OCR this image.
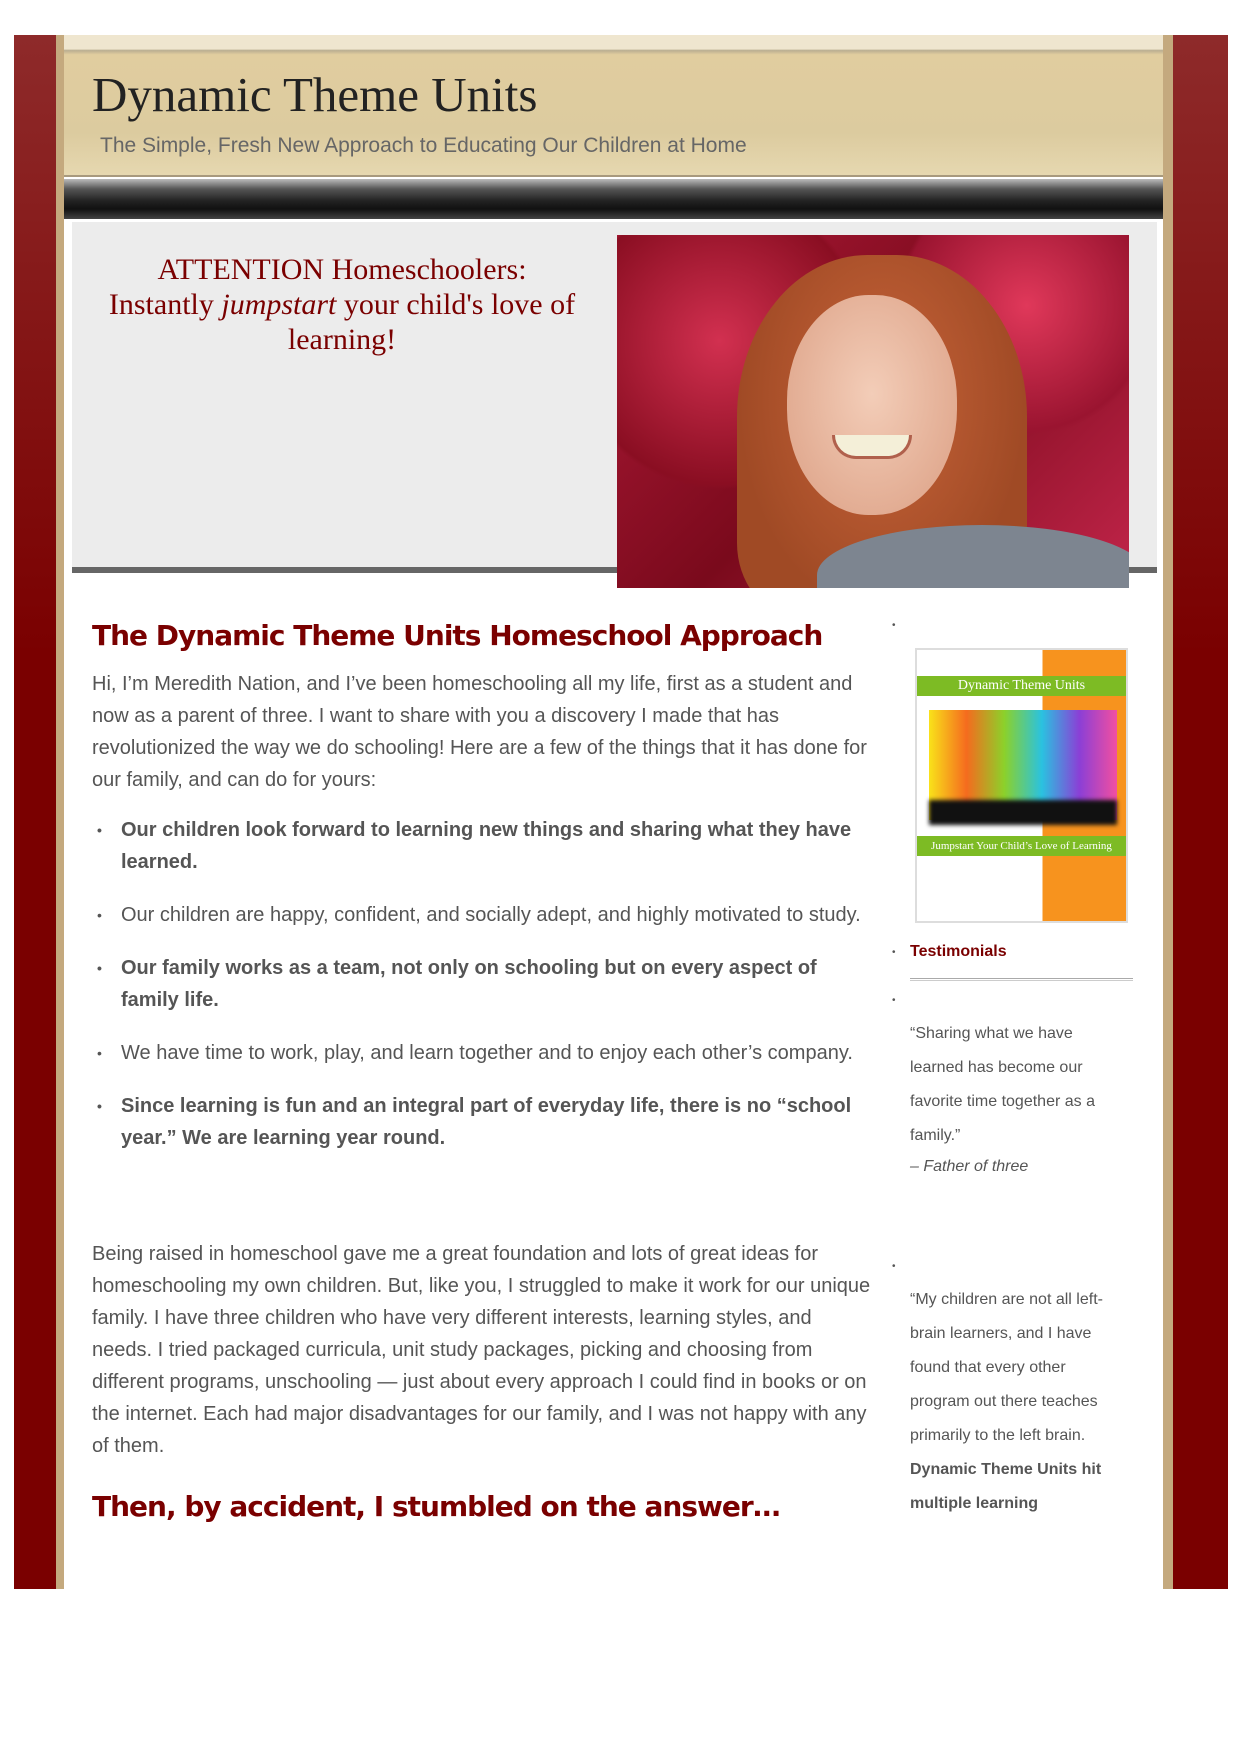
Dynamic Theme Units
The Simple, Fresh New Approach to Educating Our Children at Home
ATTENTION Homeschoolers:
Instantly jumpstart your child's love of learning!
The Dynamic Theme Units Homeschool Approach

Hi, I’m Meredith Nation, and I’ve been homeschooling all my life, first as a student and now as a parent of three. I want to share with you a discovery I made that has revolutionized the way we do schooling! Here are a few of the things that it has done for our family, and can do for yours:

• Our children look forward to learning new things and sharing what they have learned.
• Our children are happy, confident, and socially adept, and highly motivated to study.
• Our family works as a team, not only on schooling but on every aspect of family life.
• We have time to work, play, and learn together and to enjoy each other’s company.
• Since learning is fun and an integral part of everyday life, there is no “school year.” We are learning year round.

Being raised in homeschool gave me a great foundation and lots of great ideas for homeschooling my own children. But, like you, I struggled to make it work for our unique family. I have three children who have very different interests, learning styles, and needs. I tried packaged curricula, unit study packages, picking and choosing from different programs, unschooling — just about every approach I could find in books or on the internet. Each had major disadvantages for our family, and I was not happy with any of them.

Then, by accident, I stumbled on the answer…
•
Dynamic Theme Units
Jumpstart Your Child’s Love of Learning
• Testimonials
•
“Sharing what we have learned has become our favorite time together as a family.”
– Father of three
•
“My children are not all left-brain learners, and I have found that every other program out there teaches primarily to the left brain. Dynamic Theme Units hit multiple learning
